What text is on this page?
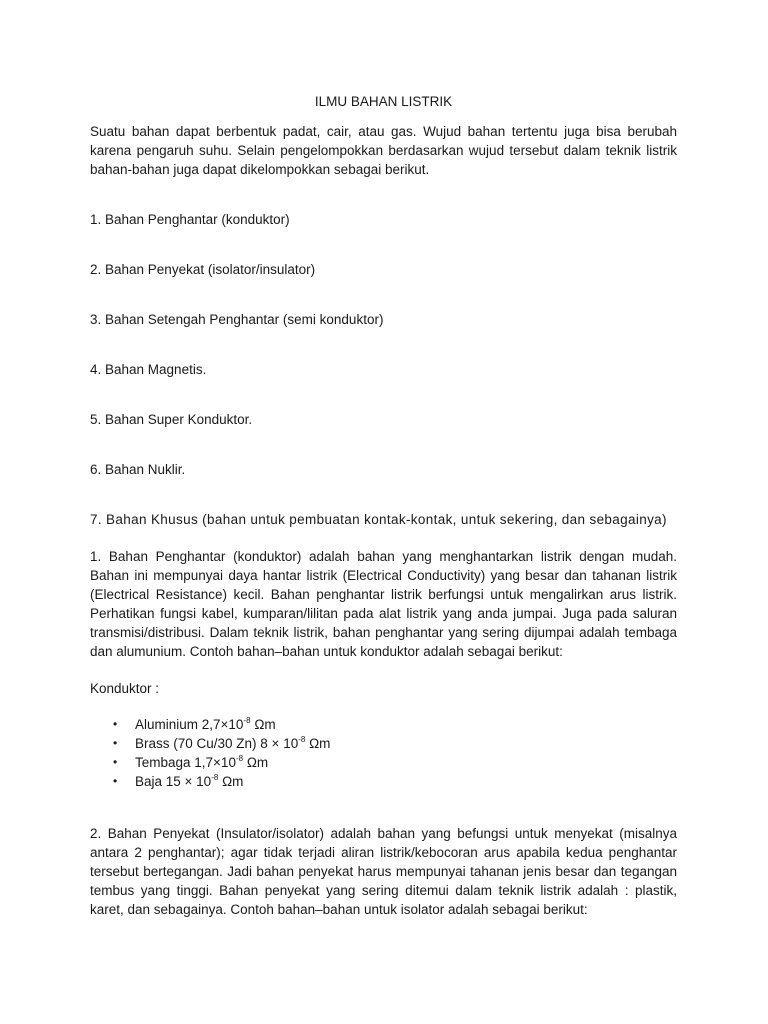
ILMU BAHAN LISTRIK

Suatu bahan dapat berbentuk padat, cair, atau gas. Wujud bahan tertentu juga bisa berubah karena pengaruh suhu. Selain pengelompokkan berdasarkan wujud tersebut dalam teknik listrik bahan-bahan juga dapat dikelompokkan sebagai berikut.

1. Bahan Penghantar (konduktor)

2. Bahan Penyekat (isolator/insulator)

3. Bahan Setengah Penghantar (semi konduktor)

4. Bahan Magnetis.

5. Bahan Super Konduktor.

6. Bahan Nuklir.

7. Bahan Khusus (bahan untuk pembuatan kontak-kontak, untuk sekering, dan sebagainya)

1. Bahan Penghantar (konduktor) adalah bahan yang menghantarkan listrik dengan mudah. Bahan ini mempunyai daya hantar listrik (Electrical Conductivity) yang besar dan tahanan listrik (Electrical Resistance) kecil. Bahan penghantar listrik berfungsi untuk mengalirkan arus listrik. Perhatikan fungsi kabel, kumparan/lilitan pada alat listrik yang anda jumpai. Juga pada saluran transmisi/distribusi. Dalam teknik listrik, bahan penghantar yang sering dijumpai adalah tembaga dan alumunium. Contoh bahan–bahan untuk konduktor adalah sebagai berikut:

Konduktor :

• Aluminium $2,7\times 10^{-8}$ Ωm
• Brass (70 Cu/30 Zn) $8 \times 10^{-8}$ Ωm
• Tembaga $1,7\times 10^{-8}$ Ωm
• Baja $15 \times 10^{-8}$ Ωm

2. Bahan Penyekat (Insulator/isolator) adalah bahan yang befungsi untuk menyekat (misalnya antara 2 penghantar); agar tidak terjadi aliran listrik/kebocoran arus apabila kedua penghantar tersebut bertegangan. Jadi bahan penyekat harus mempunyai tahanan jenis besar dan tegangan tembus yang tinggi. Bahan penyekat yang sering ditemui dalam teknik listrik adalah : plastik, karet, dan sebagainya. Contoh bahan–bahan untuk isolator adalah sebagai berikut:
